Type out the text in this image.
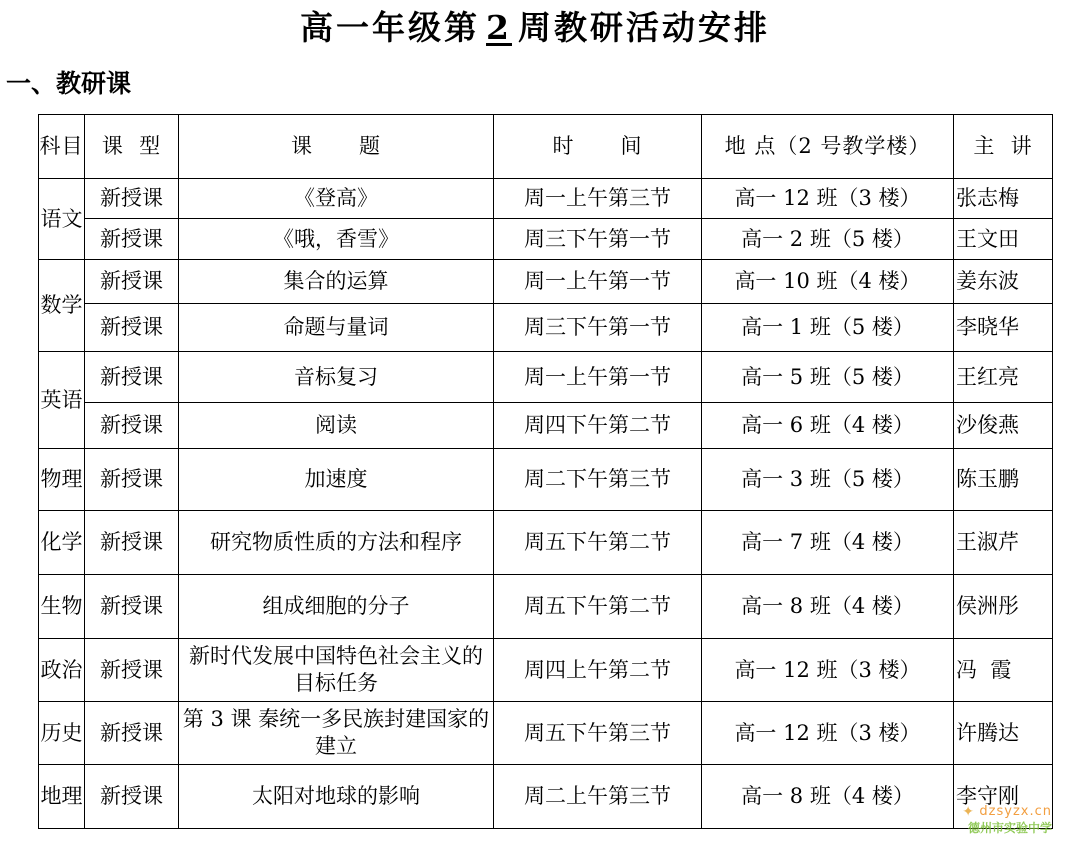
高一年级第 2 周教研活动安排
一、教研课
科目	课  型	课      题	时      间	地 点（2 号教学楼）	主  讲
语文	新授课	《登高》	周一上午第三节	高一 12 班（3 楼）	张志梅
	新授课	《哦，香雪》	周三下午第一节	高一 2 班（5 楼）	王文田
数学	新授课	集合的运算	周一上午第一节	高一 10 班（4 楼）	姜东波
	新授课	命题与量词	周三下午第一节	高一 1 班（5 楼）	李晓华
英语	新授课	音标复习	周一上午第一节	高一 5 班（5 楼）	王红亮
	新授课	阅读	周四下午第二节	高一 6 班（4 楼）	沙俊燕
物理	新授课	加速度	周二下午第三节	高一 3 班（5 楼）	陈玉鹏
化学	新授课	研究物质性质的方法和程序	周五下午第二节	高一 7 班（4 楼）	王淑芹
生物	新授课	组成细胞的分子	周五下午第二节	高一 8 班（4 楼）	侯洲彤
政治	新授课	新时代发展中国特色社会主义的目标任务	周四上午第二节	高一 12 班（3 楼）	冯  霞
历史	新授课	第 3 课 秦统一多民族封建国家的建立	周五下午第三节	高一 12 班（3 楼）	许腾达
地理	新授课	太阳对地球的影响	周二上午第三节	高一 8 班（4 楼）	李守刚
✦ dzsyzx.cn
德州市实验中学
